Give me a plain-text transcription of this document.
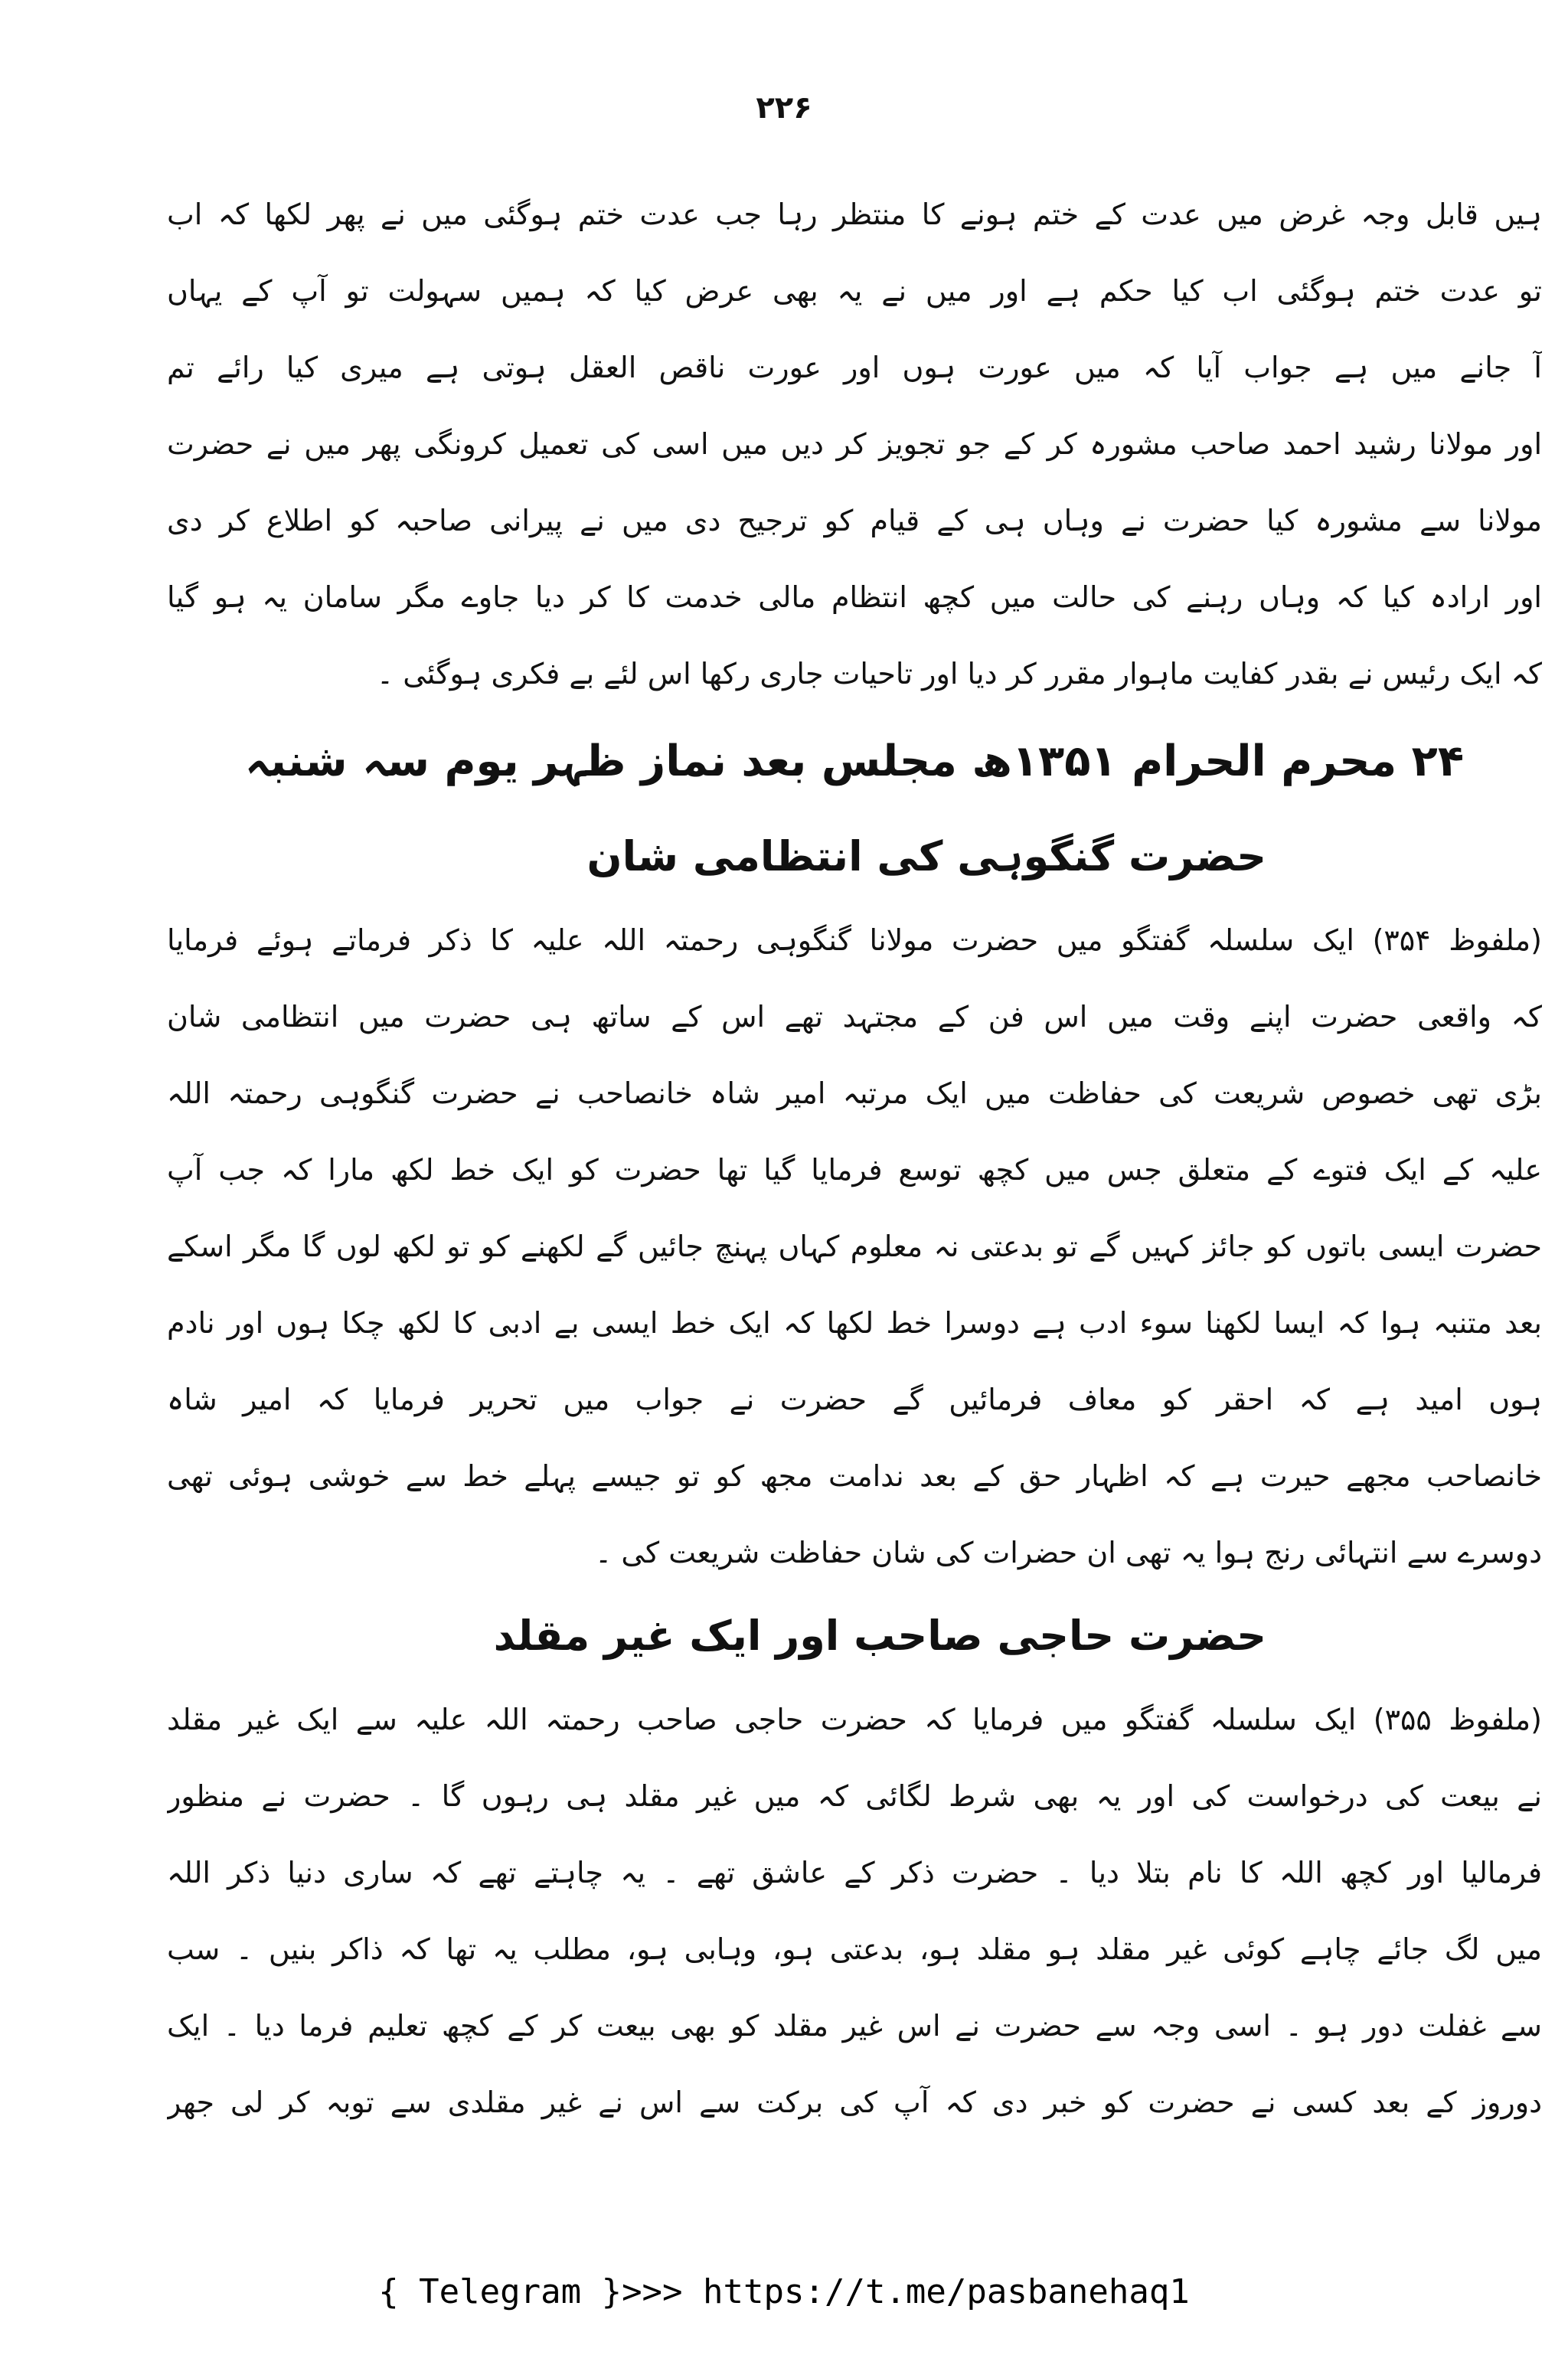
۲۲۶
ہیں قابل وجہ غرض میں عدت کے ختم ہونے کا منتظر رہا جب عدت ختم ہوگئی میں نے پھر لکھا کہ اب
تو عدت ختم ہوگئی اب کیا حکم ہے اور میں نے یہ بھی عرض کیا کہ ہمیں سہولت تو آپ کے یہاں
آ جانے میں ہے جواب آیا کہ میں عورت ہوں اور عورت ناقص العقل ہوتی ہے میری کیا رائے تم
اور مولانا رشید احمد صاحب مشورہ کر کے جو تجویز کر دیں میں اسی کی تعمیل کرونگی پھر میں نے حضرت
مولانا سے مشورہ کیا حضرت نے وہاں ہی کے قیام کو ترجیح دی میں نے پیرانی صاحبہ کو اطلاع کر دی
اور ارادہ کیا کہ وہاں رہنے کی حالت میں کچھ انتظام مالی خدمت کا کر دیا جاوے مگر سامان یہ ہو گیا
کہ ایک رئیس نے بقدر کفایت ماہوار مقرر کر دیا اور تاحیات جاری رکھا اس لئے بے فکری ہوگئی ۔
۲۴ محرم الحرام ۱۳۵۱ھ مجلس بعد نماز ظہر یوم سہ شنبہ
حضرت گنگوہی کی انتظامی شان
(ملفوظ ۳۵۴) ایک سلسلہ گفتگو میں حضرت مولانا گنگوہی رحمتہ اللہ علیہ کا ذکر فرماتے ہوئے فرمایا
کہ واقعی حضرت اپنے وقت میں اس فن کے مجتہد تھے اس کے ساتھ ہی حضرت میں انتظامی شان
بڑی تھی خصوص شریعت کی حفاظت میں ایک مرتبہ امیر شاہ خانصاحب نے حضرت گنگوہی رحمتہ اللہ
علیہ کے ایک فتوے کے متعلق جس میں کچھ توسع فرمایا گیا تھا حضرت کو ایک خط لکھ مارا کہ جب آپ
حضرت ایسی باتوں کو جائز کہیں گے تو بدعتی نہ معلوم کہاں پہنچ جائیں گے لکھنے کو تو لکھ لوں گا مگر اسکے
بعد متنبہ ہوا کہ ایسا لکھنا سوء ادب ہے دوسرا خط لکھا کہ ایک خط ایسی بے ادبی کا لکھ چکا ہوں اور نادم
ہوں امید ہے کہ احقر کو معاف فرمائیں گے حضرت نے جواب میں تحریر فرمایا کہ امیر شاہ
خانصاحب مجھے حیرت ہے کہ اظہار حق کے بعد ندامت مجھ کو تو جیسے پہلے خط سے خوشی ہوئی تھی
دوسرے سے انتہائی رنج ہوا یہ تھی ان حضرات کی شان حفاظت شریعت کی ۔
حضرت حاجی صاحب اور ایک غیر مقلد
(ملفوظ ۳۵۵) ایک سلسلہ گفتگو میں فرمایا کہ حضرت حاجی صاحب رحمتہ اللہ علیہ سے ایک غیر مقلد
نے بیعت کی درخواست کی اور یہ بھی شرط لگائی کہ میں غیر مقلد ہی رہوں گا ۔ حضرت نے منظور
فرمالیا اور کچھ اللہ کا نام بتلا دیا ۔ حضرت ذکر کے عاشق تھے ۔ یہ چاہتے تھے کہ ساری دنیا ذکر اللہ
میں لگ جائے چاہے کوئی غیر مقلد ہو مقلد ہو، بدعتی ہو، وہابی ہو، مطلب یہ تھا کہ ذاکر بنیں ۔ سب
سے غفلت دور ہو ۔ اسی وجہ سے حضرت نے اس غیر مقلد کو بھی بیعت کر کے کچھ تعلیم فرما دیا ۔ ایک
دوروز کے بعد کسی نے حضرت کو خبر دی کہ آپ کی برکت سے اس نے غیر مقلدی سے توبہ کر لی جھر
{ Telegram }>>> https://t.me/pasbanehaq1
